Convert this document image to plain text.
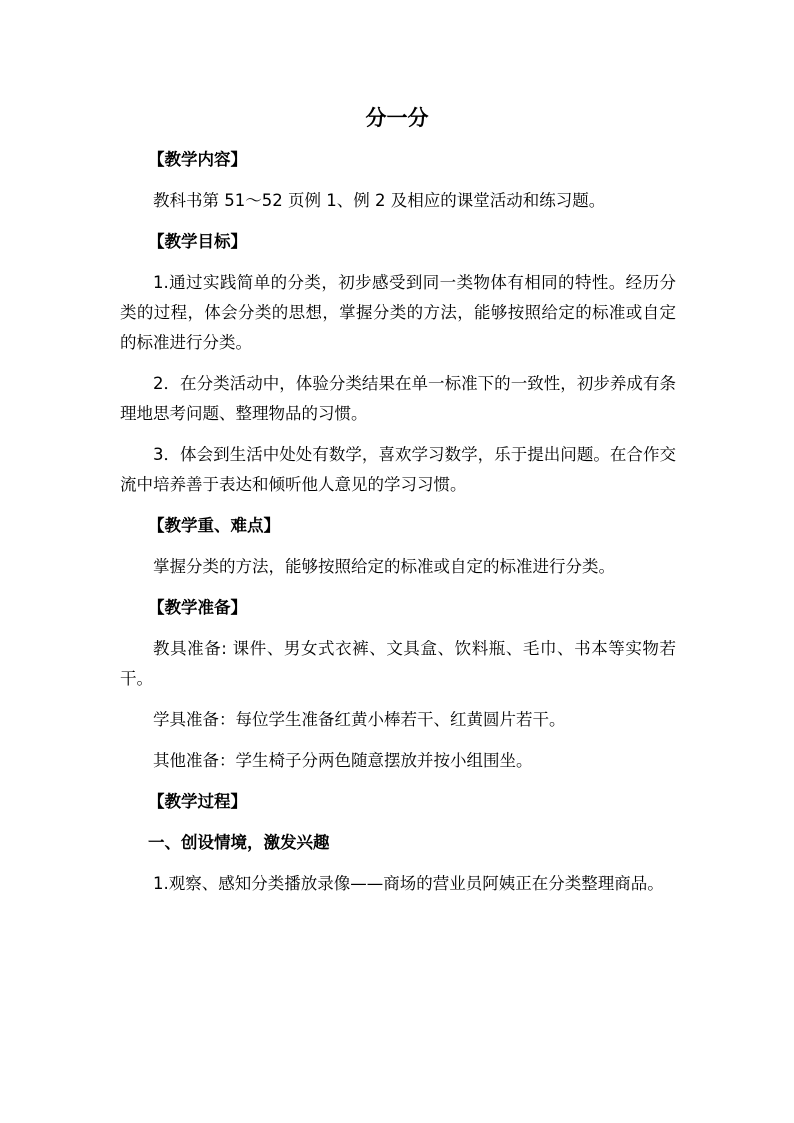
分一分

【教学内容】

教科书第 51～52 页例 1、例 2 及相应的课堂活动和练习题。

【教学目标】

1.通过实践简单的分类，初步感受到同一类物体有相同的特性。经历分类的过程，体会分类的思想，掌握分类的方法，能够按照给定的标准或自定的标准进行分类。

2．在分类活动中，体验分类结果在单一标准下的一致性，初步养成有条理地思考问题、整理物品的习惯。

3．体会到生活中处处有数学，喜欢学习数学，乐于提出问题。在合作交流中培养善于表达和倾听他人意见的学习习惯。

【教学重、难点】

掌握分类的方法，能够按照给定的标准或自定的标准进行分类。

【教学准备】

教具准备: 课件、男女式衣裤、文具盒、饮料瓶、毛巾、书本等实物若干。

学具准备：每位学生准备红黄小棒若干、红黄圆片若干。

其他准备：学生椅子分两色随意摆放并按小组围坐。

【教学过程】

一、创设情境，激发兴趣

1.观察、感知分类播放录像——商场的营业员阿姨正在分类整理商品。
